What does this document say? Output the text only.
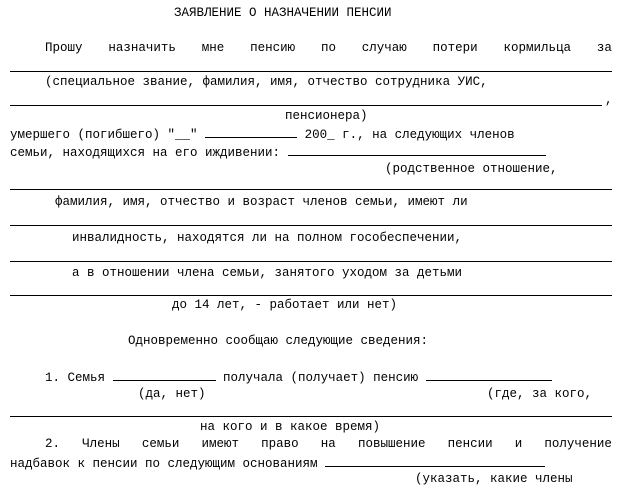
ЗАЯВЛЕНИЕ О НАЗНАЧЕНИИ ПЕНСИИ
Прошу назначить мне пенсию по случаю потери кормильца за
(специальное звание, фамилия, имя, отчество сотрудника УИС,
,
пенсионера)
умершего (погибшего) "__"	200_ г., на следующих членов
семьи, находящихся на его иждивении:
(родственное отношение,
фамилия, имя, отчество и возраст членов семьи, имеют ли
инвалидность, находятся ли на полном гособеспечении,
а в отношении члена семьи, занятого уходом за детьми
до 14 лет, - работает или нет)
Одновременно сообщаю следующие сведения:
1. Семья	получала (получает) пенсию
(да, нет)	(где, за кого,
на кого и в какое время)
2. Члены семьи имеют право на повышение пенсии и получение
надбавок к пенсии по следующим основаниям
(указать, какие члены
